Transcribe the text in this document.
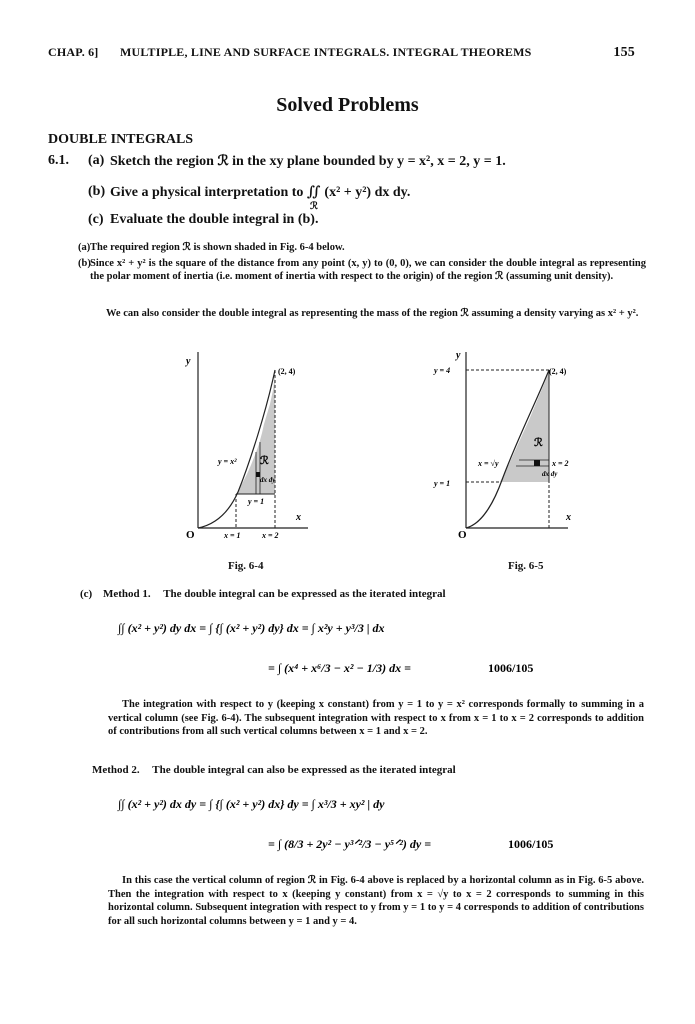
CHAP. 6] MULTIPLE, LINE AND SURFACE INTEGRALS. INTEGRAL THEOREMS	155
Solved Problems
DOUBLE INTEGRALS
6.1. (a) Sketch the region ℛ in the xy plane bounded by y = x², x = 2, y = 1.
(b) Give a physical interpretation to ∬ (x² + y²) dx dy.
ℛ
(c) Evaluate the double integral in (b).
(a) The required region ℛ is shown shaded in Fig. 6-4 below.
(b) Since x² + y² is the square of the distance from any point (x, y) to (0, 0), we can consider the double integral as representing the polar moment of inertia (i.e. moment of inertia with respect to the origin) of the region ℛ (assuming unit density).
We can also consider the double integral as representing the mass of the region ℛ assuming a density varying as x² + y².
y
x
O
(2, 4)
y = x² ℛ
dx dy
y = 1
x = 1	x = 2
Fig. 6-4
y
x
O
(2, 4)
y = 4
y = 1
x = √y
ℛ
x = 2
dx dy
Fig. 6-5
(c) Method 1. The double integral can be expressed as the iterated integral
∫∫ (x² + y²) dy dx = ∫ {∫ (x² + y²) dy} dx = ∫ x²y + y³/3 | dx
= ∫ (x⁴ + x⁶/3 − x² − 1/3) dx =	1006/105
The integration with respect to y (keeping x constant) from y = 1 to y = x² corresponds formally to summing in a vertical column (see Fig. 6-4). The subsequent integration with respect to x from x = 1 to x = 2 corresponds to addition of contributions from all such vertical columns between x = 1 and x = 2.
Method 2. The double integral can also be expressed as the iterated integral
∫∫ (x² + y²) dx dy = ∫ {∫ (x² + y²) dx} dy = ∫ x³/3 + xy² | dy
= ∫ (8/3 + 2y² − y³ᐟ²/3 − y⁵ᐟ²) dy =	1006/105
In this case the vertical column of region ℛ in Fig. 6-4 above is replaced by a horizontal column as in Fig. 6-5 above. Then the integration with respect to x (keeping y constant) from x = √y to x = 2 corresponds to summing in this horizontal column. Subsequent integration with respect to y from y = 1 to y = 4 corresponds to addition of contributions for all such horizontal columns between y = 1 and y = 4.
